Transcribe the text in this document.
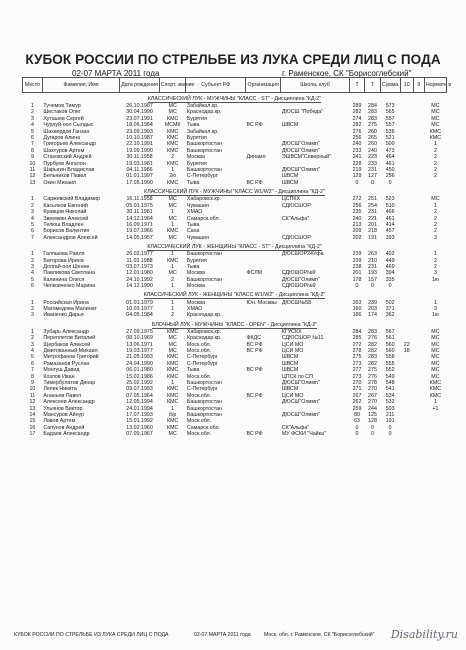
КУБОК РОССИИ ПО СТРЕЛЬБЕ ИЗ ЛУКА СРЕДИ ЛИЦ С ПОДА
02-07 МАРТА 2011 года	г. Раменское, СК "Борисоглебский"
Место	Фамилия, Имя	Дата рождения	Спорт. звание	Субъект РФ	Организация	Школа, клуб	Т	Т	Сумма	10	9	Нормати в
КЛАССИЧЕСКИЙ ЛУК - МУЖЧИНЫ "КЛАСС - ST" - Дисциплина "КД-2"												
1	Тучемов Тимур	26.10.1987	МС	Забайкал.кр.			289	284	573			МС
2	Шестаков Олег	30.04.1990	МС	Краснодар.кр.		ДЮСШ "Победа"	282	283	565			МС
3	Хуташев Сергей	23.07.1991	КМС	Бурятия			274	283	557			МС
4	Чурлуй-оол Сылдыс	18.06.1984	МСМК	Тыва	ВС РФ	ШВСМ	282	275	557			МС
5	Шахвердов Ганзан	23.09.1993	КМС	Забайкал.кр.			276	260	536			КМС
6	Дугаров Алина	10.10.1987	КМС	Бурятия			256	265	521			КМС
7	Григорьев Александр	22.10.1991	КМС	Башкортостан		ДЮСШ"Олимп"	240	260	500			1
8	Шахтуров Артем	19.09.1990	КМС	Башкортостан		ДЮСШ"Олимп"	233	240	473			2
9	Стаховский Андрей	30.11.1958	2	Москва	Динамо	ЭШВСМ"Северный"	241	223	464			2
10	Пурбуев Ангалон	19.03.1981	КМС	Бурятия			228	233	461			2
11	Шарыгин Владислав	04.11.1986	1	Башкортостан		ДЮСШ"Олимп"	219	231	450			2
12	Бельников Павел	01.01.1997	2ю	С-Петербург		ШВСМ	129	127	256			2
13	Окин Михаил	17.05.1990	КМС	Тыва	ВС РФ	ШВСМ	0	0	0			
КЛАССИЧЕСКИЙ ЛУК - МУЖЧИНЫ "КЛАСС W1/W2" - Дисциплина "КД-2"												
1	Саржевский Владимир	16.11.1958	МС	Хабаровск.кр.		ЦСПКХ	272	251	523			МС
2	Касьянов Евгений	05.01.1975	МС	Чувашия		СДЮСШОР	256	254	510			1
3	Кравцов Николай	30.11.1981	1	ХМАО			235	231	466			2
4	Звеевкин Алексей	14.12.1964	МС	Самарск.обл.		СК"Альфа"	240	221	461			2
5	Телюш Владлен	16.09.1971	1	Тыва			213	201	414			2
6	Борисов Валентин	19.07.1966	КМС	Саха			209	218	457			2
7	Александров Алексей	14.05.1957	МС	Чувашия		СДЮСШОР	202	191	393			3
КЛАССИЧЕСКИЙ ЛУК - ЖЕНЩИНЫ "КЛАСС - ST" - Дисциплина "КД-2"												
1	Галяшова Раиля	26.02.1977	1	Башкортостан		ДЮСШОР24Уфа	239	263	402			1
2	Баторова Ирина	11.03.1988	КМС	Бурятия			239	210	449			2
3	Долгай-оол Шенне	03.07.1973	1	Тыва			238	231	469			2
4	Павликова Светлана	12.01.1980	МС	Москва	ФСЛМ	СДЮШОР№9	201	193	394			3
5	Калинина Олеся	24.10.1992	2	Башкортостан		ДЮСШ"Олимп"	178	157	335			1ю
6	Чепковченко Марина	14.12.1990	1	Москва		СДЮШОР№9	0	0	0			
КЛАССИЧЕСКИЙ ЛУК - ЖЕНЩИНЫ "КЛАСС W1/W2" - Дисциплина "КД-2"												
1	Российская Ирина	01.01.1979	1	Москва	Юн. Москвы	ДЮСШ№58	263	239	502			1
2	Магомедова Малинат	10.03.1977	1	ХМАО			160	203	371			3
3	Иваненко Дарья	04.05.1984	2	Краснодар.кр.			186	174	362			1ю
БЛОЧНЫЙ ЛУК - МУЖЧИНЫ "КЛАСС - OPEN" - Дисциплина "КД-2"												
1	Зубарь Александр	27.09.1975	КМС	Хабаровск.кр.		КГУСКХ	284	283	567			МС
2	Переплетов Виталий	08.10.1969	МС	Краснодар.кр.	ФКДС	СДЮСШОР №11	285	276	561			МС
3	Щербаков Алексей	13.06.1971	МС	Моск.обл.	ВС РФ	ЦСИ МО	272	282	560	22		МС
4	Дмитованный Михаил	19.03.1977	МС	Моск.обл.	ВС РФ	ЦСИ МО	278	282	560	18		МС
5	Митрофанов Григорий	21.05.1993	КМС	С-Петербург		ШВСМ	275	283	558			МС
6	Рамазанов Руслан	24.04.1990	КМС	С-Петербург		ШВСМ	273	282	555			МС
7	Монгуш Давид	06.01.1980	КМС	Тыва	ВС РФ	ШВСМ	277	275	552			МС
8	Козлов Иван	15.02.1986	КМС	Моск.обл.		ЦПСК по СП	273	276	549			МС
9	Тимербулатов Динар	25.02.1992	1	Башкортостан		ДЮСШ"Олимп"	270	278	548			КМС
10	Лепик Никита	09.07.1993	КМС	С-Петербург		ШВСМ	271	270	541			КМС
11	Ананьев Павел	07.05.1964	КМС	Моск.обл.	ВС РФ	ЦСИ МО	267	267	534			КМС
12	Алексеев Александр	12.05.1994	КМС	Башкортостан		ДЮСШ"Олимп"	262	270	532			1
13	Ульянов Виктор	24.01.1994	1	Башкортостан			259	244	503			+1
14	Мансуров Айнур	17.07.1993	б/р	Башкортостан		ДЮСШ"Олимп"	80	125	211			
15	Лавов Артем	15.01.1992	КМС	Моск.обл.			63	128	191			
16	Сапунов Андрей	13.02.1960	КМС	Самарск.обл.		СК"Альфа"	0	0	0			
17	Бадаев Александр	07.09.1967	МС	Моск.обл.	ВС РФ	МУ ФСКИ "Чайка"	0	0	0			
КУБОК РОССИИ ПО СТРЕЛЬБЕ ИЗ ЛУКА СРЕДИ ЛИЦ С ПОДА	02-07 МАРТА 2011 года	Моск. обл. г. Раменское, СК "Борисоглебский" Disability.ru
